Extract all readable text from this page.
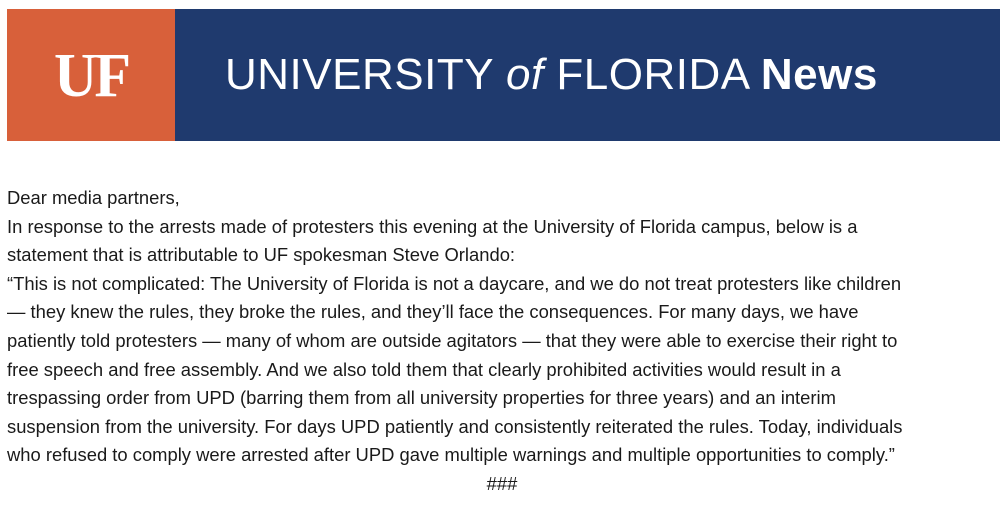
UF UNIVERSITY of FLORIDA News
Dear media partners,
In response to the arrests made of protesters this evening at the University of Florida campus, below is a
statement that is attributable to UF spokesman Steve Orlando:
“This is not complicated: The University of Florida is not a daycare, and we do not treat protesters like children
— they knew the rules, they broke the rules, and they’ll face the consequences. For many days, we have
patiently told protesters — many of whom are outside agitators — that they were able to exercise their right to
free speech and free assembly. And we also told them that clearly prohibited activities would result in a
trespassing order from UPD (barring them from all university properties for three years) and an interim
suspension from the university. For days UPD patiently and consistently reiterated the rules. Today, individuals
who refused to comply were arrested after UPD gave multiple warnings and multiple opportunities to comply.”
###
